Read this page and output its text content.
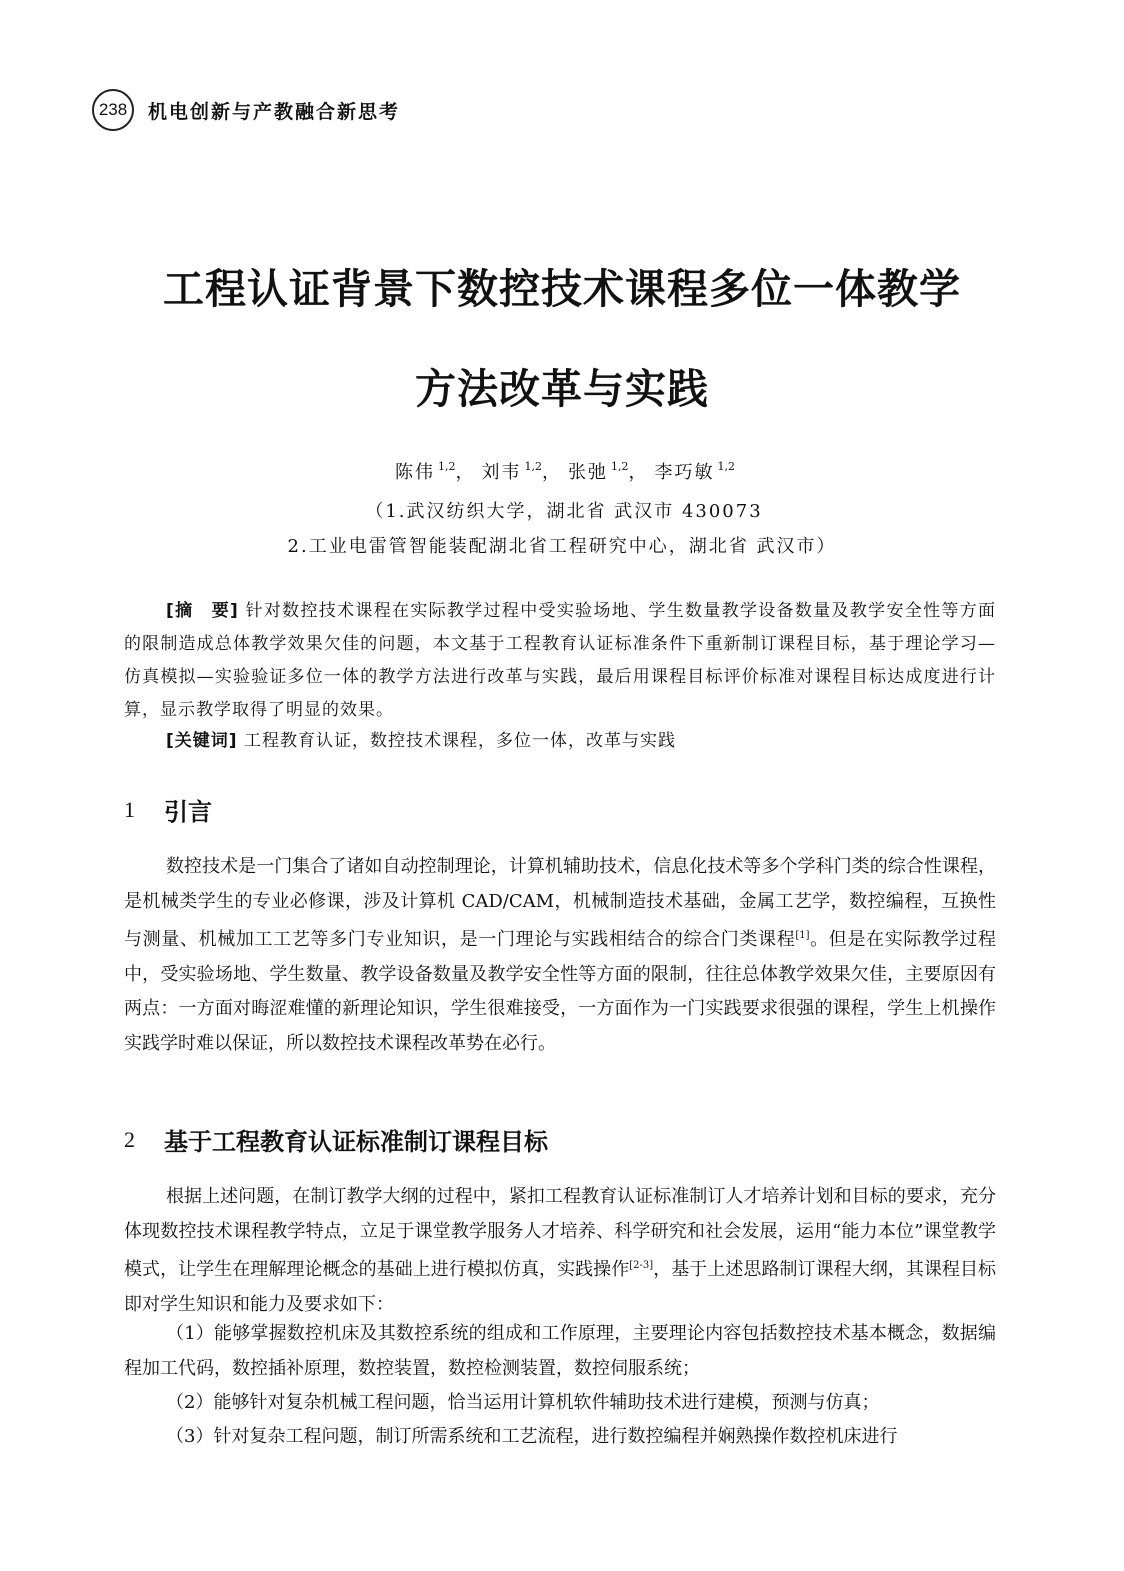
238	机电创新与产教融合新思考
工程认证背景下数控技术课程多位一体教学
方法改革与实践
陈伟 $^{1,2}$， 刘韦 $^{1,2}$， 张弛 $^{1,2}$， 李巧敏 $^{1,2}$
（1.武汉纺织大学，湖北省 武汉市 430073
2.工业电雷管智能装配湖北省工程研究中心，湖北省 武汉市）
[摘　要] 针对数控技术课程在实际教学过程中受实验场地、学生数量教学设备数量及教学安全性等方面的限制造成总体教学效果欠佳的问题，本文基于工程教育认证标准条件下重新制订课程目标，基于理论学习—仿真模拟—实验验证多位一体的教学方法进行改革与实践，最后用课程目标评价标准对课程目标达成度进行计算，显示教学取得了明显的效果。
[关键词] 工程教育认证，数控技术课程，多位一体，改革与实践
1	引言

数控技术是一门集合了诸如自动控制理论，计算机辅助技术，信息化技术等多个学科门类的综合性课程，是机械类学生的专业必修课，涉及计算机 CAD/CAM，机械制造技术基础，金属工艺学，数控编程，互换性与测量、机械加工工艺等多门专业知识，是一门理论与实践相结合的综合门类课程[1]。但是在实际教学过程中，受实验场地、学生数量、教学设备数量及教学安全性等方面的限制，往往总体教学效果欠佳，主要原因有两点：一方面对晦涩难懂的新理论知识，学生很难接受，一方面作为一门实践要求很强的课程，学生上机操作实践学时难以保证，所以数控技术课程改革势在必行。

2	基于工程教育认证标准制订课程目标

根据上述问题，在制订教学大纲的过程中，紧扣工程教育认证标准制订人才培养计划和目标的要求，充分体现数控技术课程教学特点，立足于课堂教学服务人才培养、科学研究和社会发展，运用“能力本位”课堂教学模式，让学生在理解理论概念的基础上进行模拟仿真，实践操作[2-3]，基于上述思路制订课程大纲，其课程目标即对学生知识和能力及要求如下：

（1）能够掌握数控机床及其数控系统的组成和工作原理，主要理论内容包括数控技术基本概念，数据编程加工代码，数控插补原理，数控装置，数控检测装置，数控伺服系统；

（2）能够针对复杂机械工程问题，恰当运用计算机软件辅助技术进行建模，预测与仿真；

（3）针对复杂工程问题，制订所需系统和工艺流程，进行数控编程并娴熟操作数控机床进行
